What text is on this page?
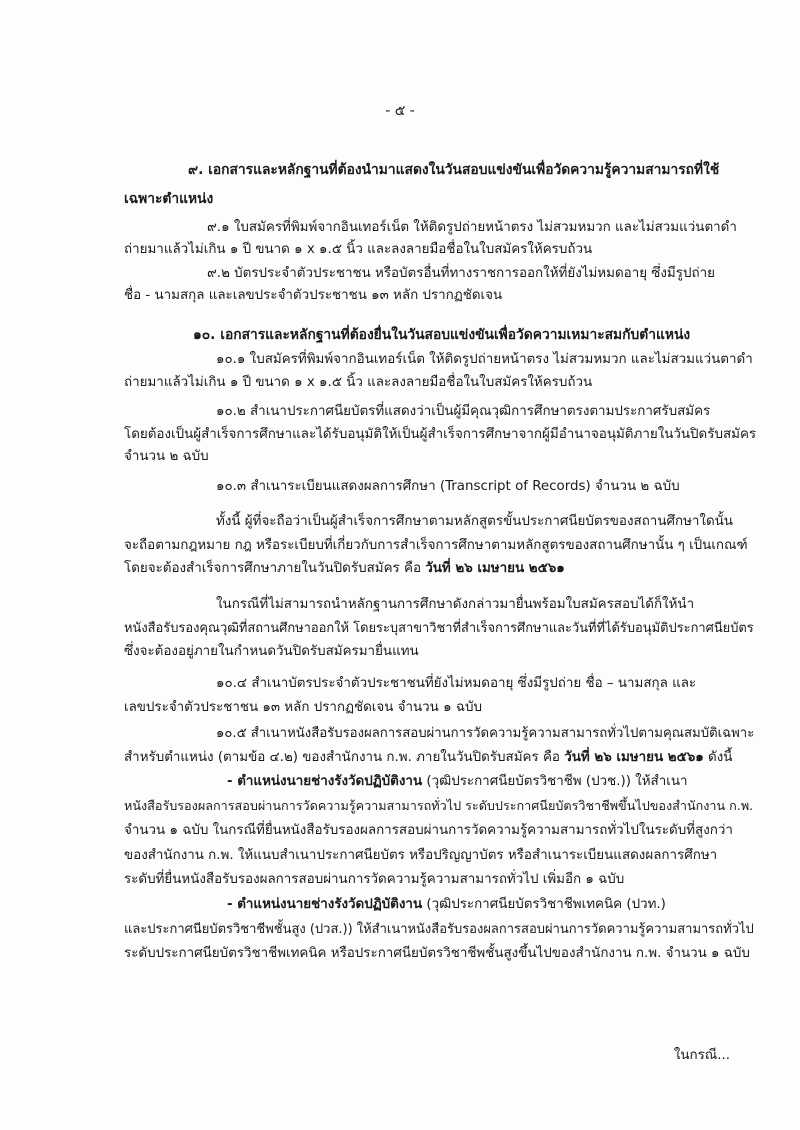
- ๕ -
๙. เอกสารและหลักฐานที่ต้องนำมาแสดงในวันสอบแข่งขันเพื่อวัดความรู้ความสามารถที่ใช้
เฉพาะตำแหน่ง
๙.๑ ใบสมัครที่พิมพ์จากอินเทอร์เน็ต ให้ติดรูปถ่ายหน้าตรง ไม่สวมหมวก และไม่สวมแว่นตาดำ
ถ่ายมาแล้วไม่เกิน ๑ ปี ขนาด ๑ x ๑.๕ นิ้ว และลงลายมือชื่อในใบสมัครให้ครบถ้วน
๙.๒ บัตรประจำตัวประชาชน หรือบัตรอื่นที่ทางราชการออกให้ที่ยังไม่หมดอายุ ซึ่งมีรูปถ่าย
ชื่อ - นามสกุล และเลขประจำตัวประชาชน ๑๓ หลัก ปรากฏชัดเจน
๑๐. เอกสารและหลักฐานที่ต้องยื่นในวันสอบแข่งขันเพื่อวัดความเหมาะสมกับตำแหน่ง
๑๐.๑ ใบสมัครที่พิมพ์จากอินเทอร์เน็ต ให้ติดรูปถ่ายหน้าตรง ไม่สวมหมวก และไม่สวมแว่นตาดำ
ถ่ายมาแล้วไม่เกิน ๑ ปี ขนาด ๑ x ๑.๕ นิ้ว และลงลายมือชื่อในใบสมัครให้ครบถ้วน
๑๐.๒ สำเนาประกาศนียบัตรที่แสดงว่าเป็นผู้มีคุณวุฒิการศึกษาตรงตามประกาศรับสมัคร
โดยต้องเป็นผู้สำเร็จการศึกษาและได้รับอนุมัติให้เป็นผู้สำเร็จการศึกษาจากผู้มีอำนาจอนุมัติภายในวันปิดรับสมัคร
จำนวน ๒ ฉบับ
๑๐.๓ สำเนาระเบียนแสดงผลการศึกษา (Transcript of Records) จำนวน ๒ ฉบับ
ทั้งนี้ ผู้ที่จะถือว่าเป็นผู้สำเร็จการศึกษาตามหลักสูตรขั้นประกาศนียบัตรของสถานศึกษาใดนั้น
จะถือตามกฎหมาย กฎ หรือระเบียบที่เกี่ยวกับการสำเร็จการศึกษาตามหลักสูตรของสถานศึกษานั้น ๆ เป็นเกณฑ์
โดยจะต้องสำเร็จการศึกษาภายในวันปิดรับสมัคร คือ วันที่ ๒๖ เมษายน ๒๕๖๑
ในกรณีที่ไม่สามารถนำหลักฐานการศึกษาดังกล่าวมายื่นพร้อมใบสมัครสอบได้ก็ให้นำ
หนังสือรับรองคุณวุฒิที่สถานศึกษาออกให้ โดยระบุสาขาวิชาที่สำเร็จการศึกษาและวันที่ที่ได้รับอนุมัติประกาศนียบัตร
ซึ่งจะต้องอยู่ภายในกำหนดวันปิดรับสมัครมายื่นแทน
๑๐.๔ สำเนาบัตรประจำตัวประชาชนที่ยังไม่หมดอายุ ซึ่งมีรูปถ่าย ชื่อ – นามสกุล และ
เลขประจำตัวประชาชน ๑๓ หลัก ปรากฏชัดเจน จำนวน ๑ ฉบับ
๑๐.๕ สำเนาหนังสือรับรองผลการสอบผ่านการวัดความรู้ความสามารถทั่วไปตามคุณสมบัติเฉพาะ
สำหรับตำแหน่ง (ตามข้อ ๔.๒) ของสำนักงาน ก.พ. ภายในวันปิดรับสมัคร คือ วันที่ ๒๖ เมษายน ๒๕๖๑ ดังนี้
- ตำแหน่งนายช่างรังวัดปฏิบัติงาน (วุฒิประกาศนียบัตรวิชาชีพ (ปวช.)) ให้สำเนา
หนังสือรับรองผลการสอบผ่านการวัดความรู้ความสามารถทั่วไป ระดับประกาศนียบัตรวิชาชีพขึ้นไปของสำนักงาน ก.พ.
จำนวน ๑ ฉบับ ในกรณีที่ยื่นหนังสือรับรองผลการสอบผ่านการวัดความรู้ความสามารถทั่วไปในระดับที่สูงกว่า
ของสำนักงาน ก.พ. ให้แนบสำเนาประกาศนียบัตร หรือปริญญาบัตร หรือสำเนาระเบียนแสดงผลการศึกษา
ระดับที่ยื่นหนังสือรับรองผลการสอบผ่านการวัดความรู้ความสามารถทั่วไป เพิ่มอีก ๑ ฉบับ
- ตำแหน่งนายช่างรังวัดปฏิบัติงาน (วุฒิประกาศนียบัตรวิชาชีพเทคนิค (ปวท.)
และประกาศนียบัตรวิชาชีพชั้นสูง (ปวส.)) ให้สำเนาหนังสือรับรองผลการสอบผ่านการวัดความรู้ความสามารถทั่วไป
ระดับประกาศนียบัตรวิชาชีพเทคนิค หรือประกาศนียบัตรวิชาชีพชั้นสูงขึ้นไปของสำนักงาน ก.พ. จำนวน ๑ ฉบับ
ในกรณี...
